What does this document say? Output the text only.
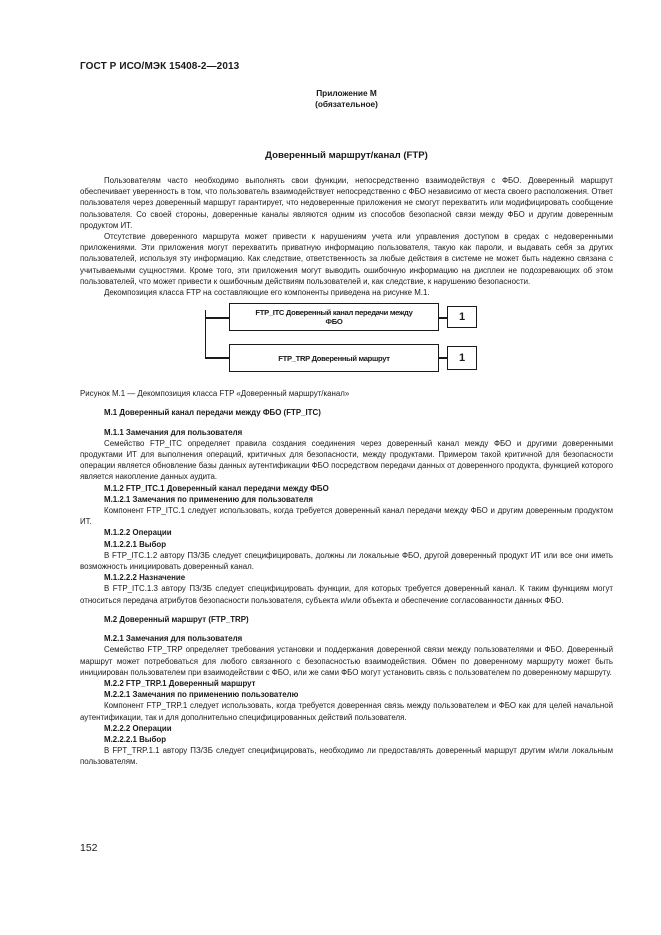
ГОСТ Р ИСО/МЭК 15408-2—2013
Приложение М
(обязательное)
Доверенный маршрут/канал (FTP)

Пользователям часто необходимо выполнять свои функции, непосредственно взаимодействуя с ФБО. Доверенный маршрут обеспечивает уверенность в том, что пользователь взаимодействует непосредственно с ФБО независимо от места своего расположения. Ответ пользователя через доверенный маршрут гарантирует, что недоверенные приложения не смогут перехватить или модифицировать сообщение пользователя. Со своей стороны, доверенные каналы являются одним из способов безопасной связи между ФБО и другим доверенным продуктом ИТ.

Отсутствие доверенного маршрута может привести к нарушениям учета или управления доступом в средах с недоверенными приложениями. Эти приложения могут перехватить приватную информацию пользователя, такую как пароли, и выдавать себя за других пользователей, используя эту информацию. Как следствие, ответственность за любые действия в системе не может быть надежно связана с учитываемыми сущностями. Кроме того, эти приложения могут выводить ошибочную информацию на дисплеи не подозревающих об этом пользователей, что может привести к ошибочным действиям пользователей и, как следствие, к нарушению безопасности.

Декомпозиция класса FTP на составляющие его компоненты приведена на рисунке М.1.

FTP_ITC Доверенный канал передачи между ФБО	1
FTP_TRP Доверенный маршрут	1

Рисунок М.1 — Декомпозиция класса FTP «Доверенный маршрут/канал»

М.1 Доверенный канал передачи между ФБО (FTP_ITC)

М.1.1 Замечания для пользователя

Семейство FTP_ITC определяет правила создания соединения через доверенный канал между ФБО и другими доверенными продуктами ИТ для выполнения операций, критичных для безопасности, между продуктами. Примером такой критичной для безопасности операции является обновление базы данных аутентификации ФБО посредством передачи данных от доверенного продукта, функцией которого является накопление данных аудита.

М.1.2 FTP_ITC.1 Доверенный канал передачи между ФБО

М.1.2.1 Замечания по применению для пользователя

Компонент FTP_ITC.1 следует использовать, когда требуется доверенный канал передачи между ФБО и другим доверенным продуктом ИТ.

М.1.2.2 Операции

М.1.2.2.1 Выбор

В FTP_ITC.1.2 автору ПЗ/ЗБ следует специфицировать, должны ли локальные ФБО, другой доверенный продукт ИТ или все они иметь возможность инициировать доверенный канал.

М.1.2.2.2 Назначение

В FTP_ITC.1.3 автору ПЗ/ЗБ следует специфицировать функции, для которых требуется доверенный канал. К таким функциям могут относиться передача атрибутов безопасности пользователя, субъекта и/или объекта и обеспечение согласованности данных ФБО.

М.2 Доверенный маршрут (FTP_TRP)

М.2.1 Замечания для пользователя

Семейство FTP_TRP определяет требования установки и поддержания доверенной связи между пользователями и ФБО. Доверенный маршрут может потребоваться для любого связанного с безопасностью взаимодействия. Обмен по доверенному маршруту может быть инициирован пользователем при взаимодействии с ФБО, или же сами ФБО могут установить связь с пользователем по доверенному маршруту.

М.2.2 FTP_TRP.1 Доверенный маршрут

М.2.2.1 Замечания по применению пользователю

Компонент FTP_TRP.1 следует использовать, когда требуется доверенная связь между пользователем и ФБО как для целей начальной аутентификации, так и для дополнительно специфицированных действий пользователя.

М.2.2.2 Операции

М.2.2.2.1 Выбор

В FPT_TRP.1.1 автору ПЗ/ЗБ следует специфицировать, необходимо ли предоставлять доверенный маршрут другим и/или локальным пользователям.

152
